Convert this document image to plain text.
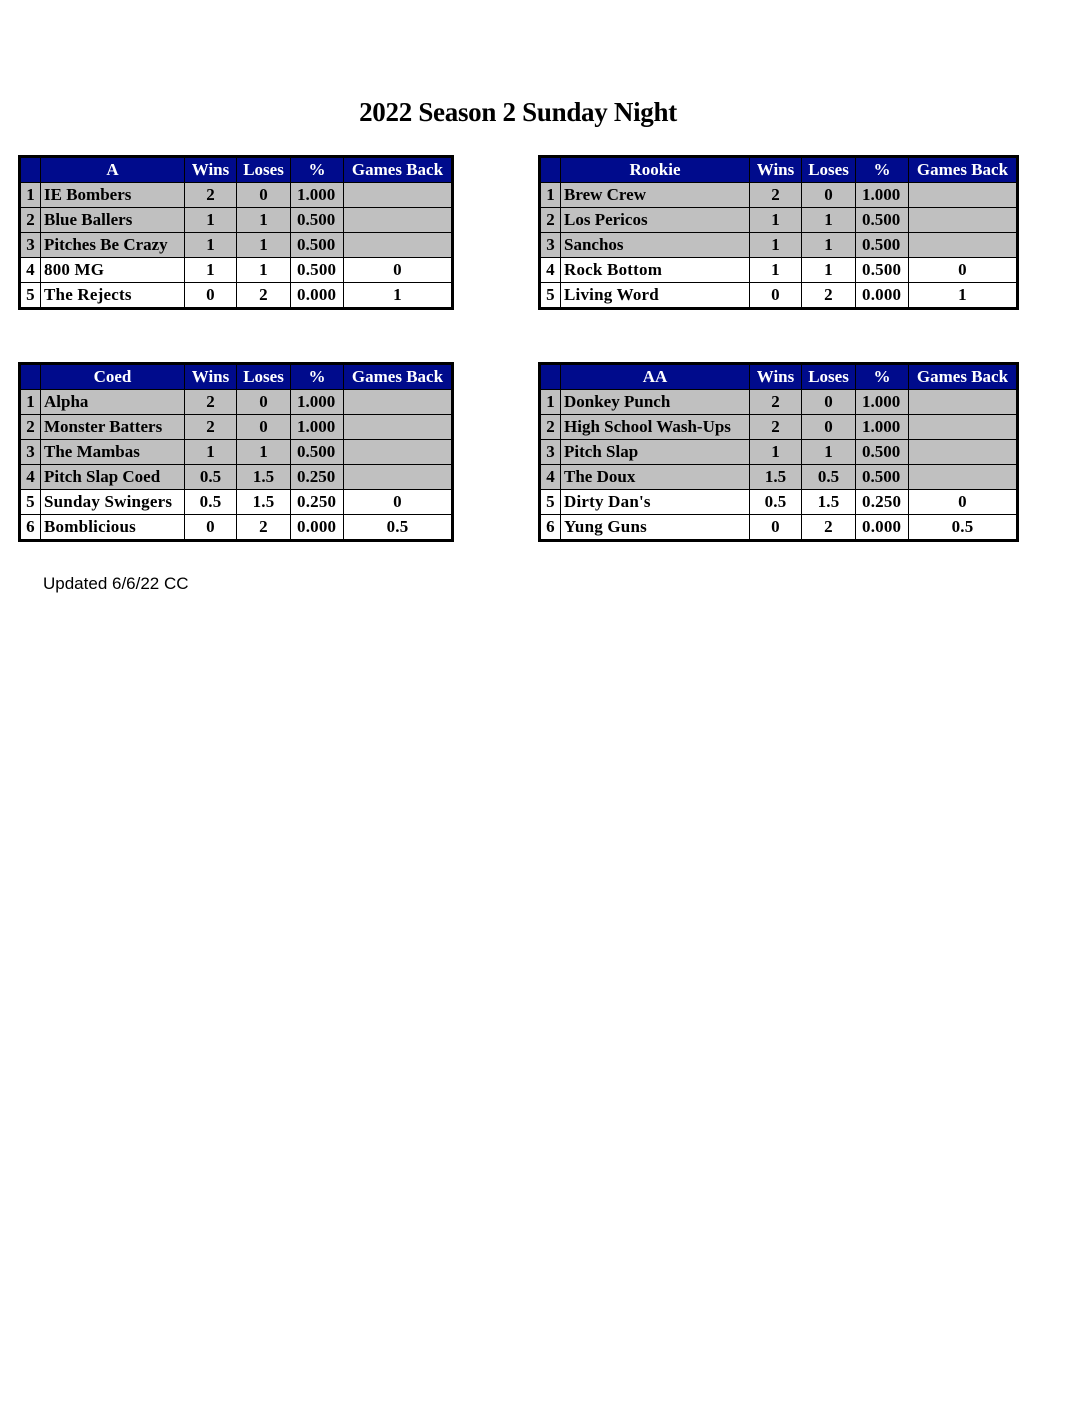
2022 Season 2 Sunday Night
	A	Wins	Loses	%	Games Back
1	IE Bombers	2	0	1.000	
2	Blue Ballers	1	1	0.500	
3	Pitches Be Crazy	1	1	0.500	
4	800 MG	1	1	0.500	0
5	The Rejects	0	2	0.000	1
	Rookie	Wins	Loses	%	Games Back
1	Brew Crew	2	0	1.000	
2	Los Pericos	1	1	0.500	
3	Sanchos	1	1	0.500	
4	Rock Bottom	1	1	0.500	0
5	Living Word	0	2	0.000	1
	Coed	Wins	Loses	%	Games Back
1	Alpha	2	0	1.000	
2	Monster Batters	2	0	1.000	
3	The Mambas	1	1	0.500	
4	Pitch Slap Coed	0.5	1.5	0.250	
5	Sunday Swingers	0.5	1.5	0.250	0
6	Bomblicious	0	2	0.000	0.5
	AA	Wins	Loses	%	Games Back
1	Donkey Punch	2	0	1.000	
2	High School Wash-Ups	2	0	1.000	
3	Pitch Slap	1	1	0.500	
4	The Doux	1.5	0.5	0.500	
5	Dirty Dan's	0.5	1.5	0.250	0
6	Yung Guns	0	2	0.000	0.5
Updated 6/6/22 CC
